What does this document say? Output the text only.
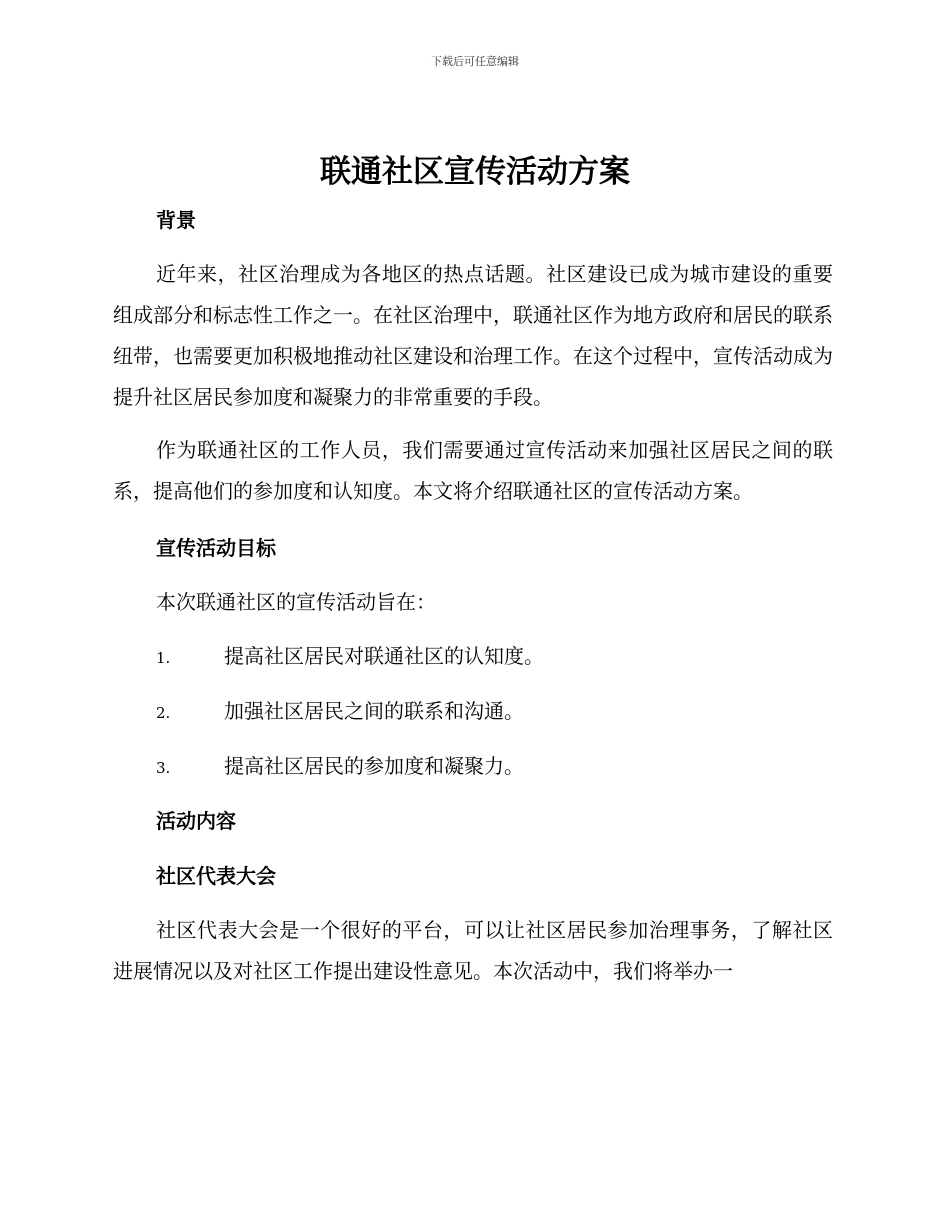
下载后可任意编辑
联通社区宣传活动方案
背景

近年来，社区治理成为各地区的热点话题。社区建设已成为城市建设的重要组成部分和标志性工作之一。在社区治理中，联通社区作为地方政府和居民的联系纽带，也需要更加积极地推动社区建设和治理工作。在这个过程中，宣传活动成为提升社区居民参加度和凝聚力的非常重要的手段。

作为联通社区的工作人员，我们需要通过宣传活动来加强社区居民之间的联系，提高他们的参加度和认知度。本文将介绍联通社区的宣传活动方案。

宣传活动目标

本次联通社区的宣传活动旨在：

1.	提高社区居民对联通社区的认知度。
2.	加强社区居民之间的联系和沟通。
3.	提高社区居民的参加度和凝聚力。
活动内容
社区代表大会

社区代表大会是一个很好的平台，可以让社区居民参加治理事务，了解社区进展情况以及对社区工作提出建设性意见。本次活动中，我们将举办一
